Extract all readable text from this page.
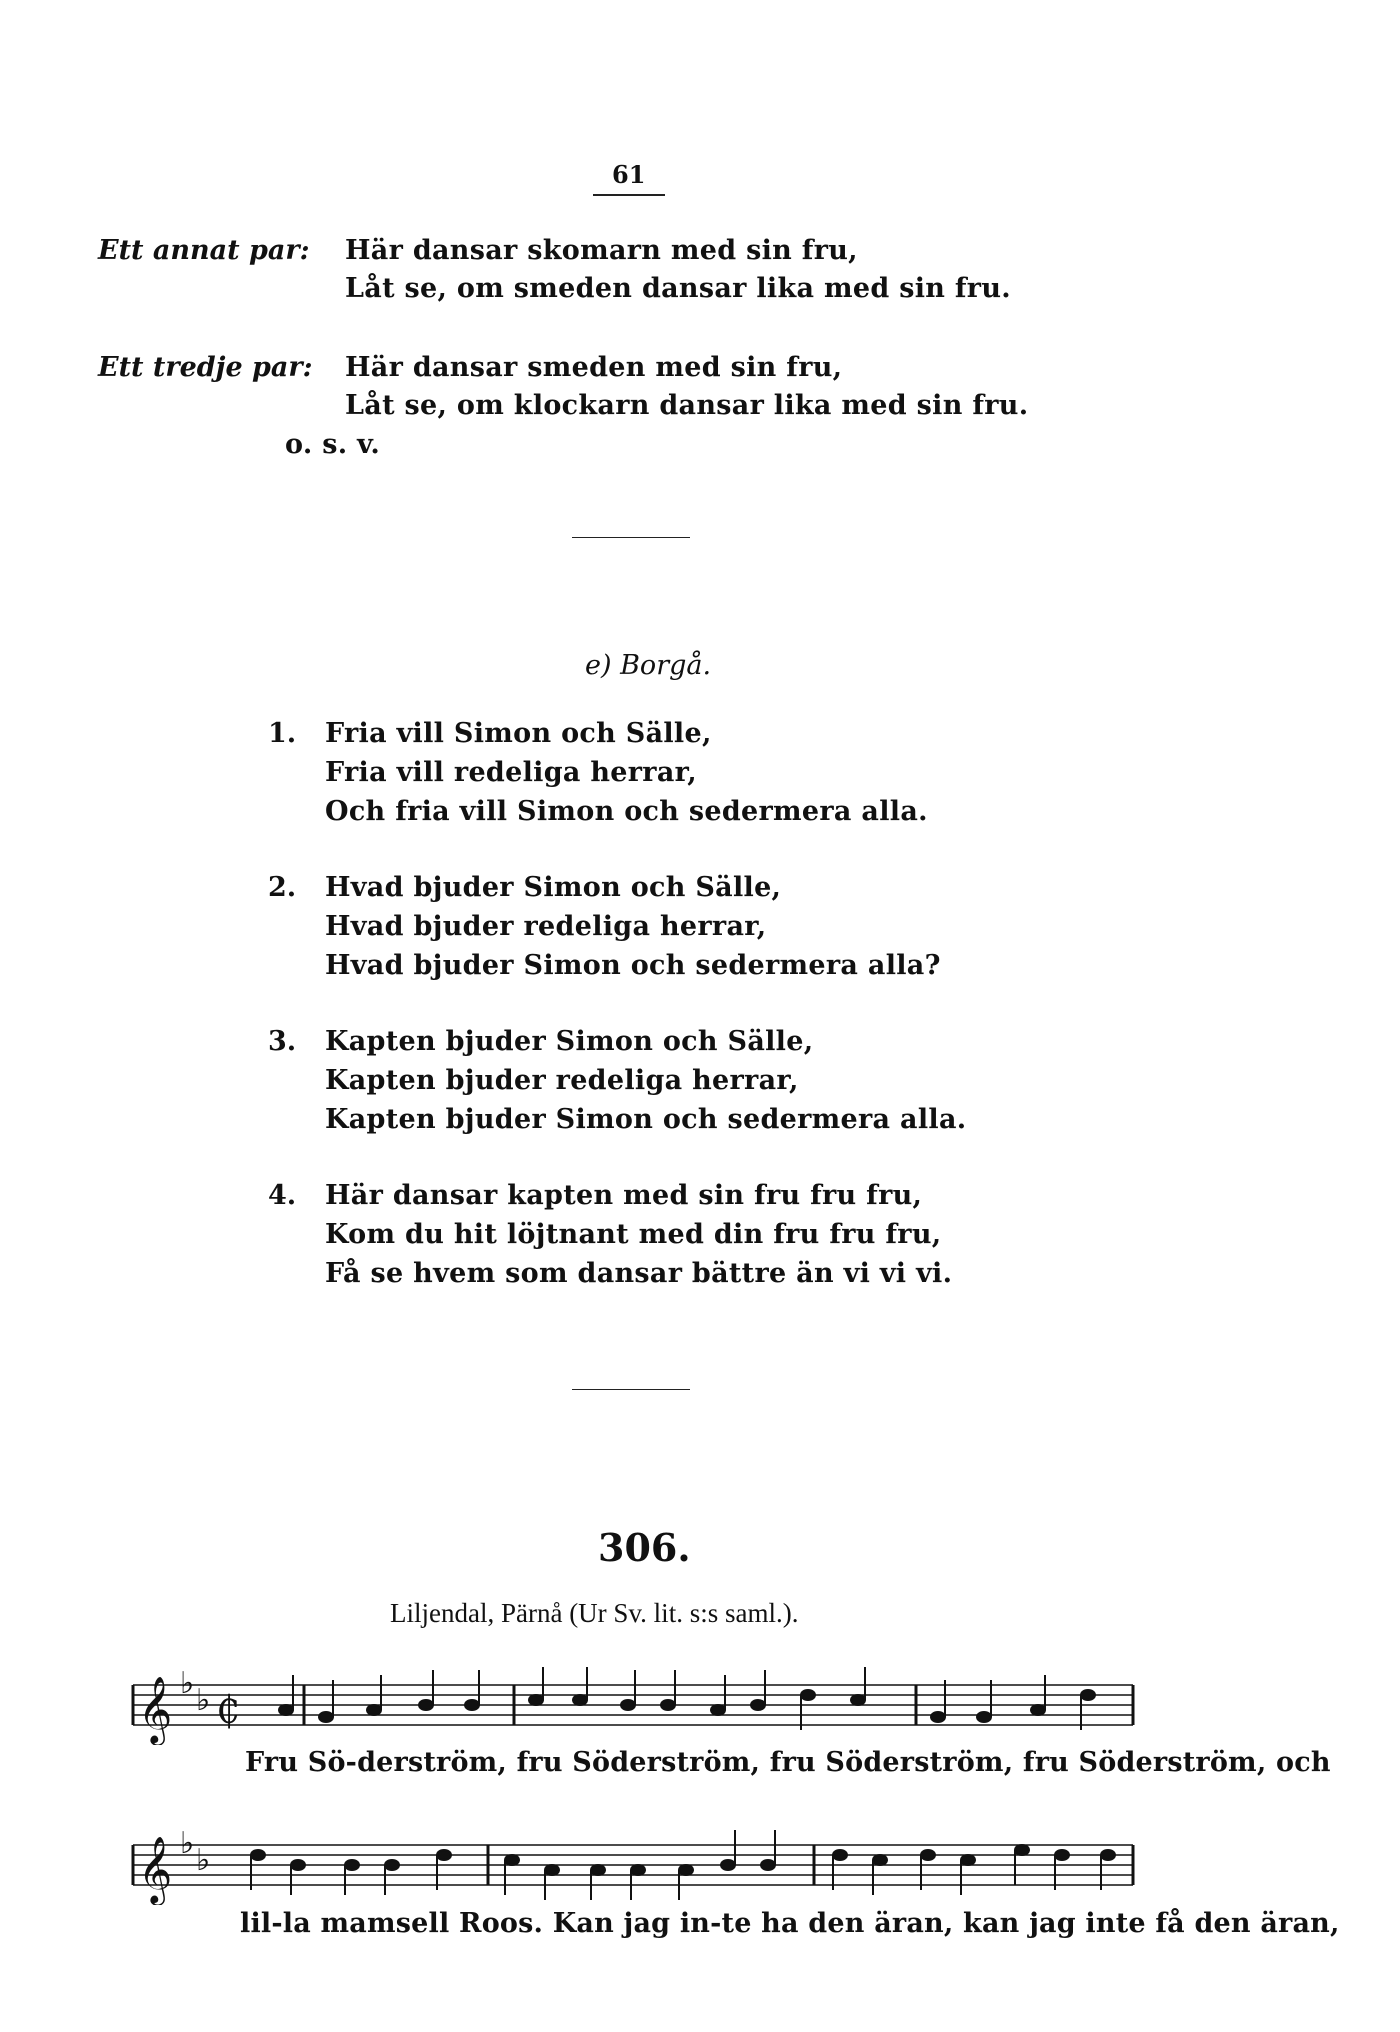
61
Ett annat par: Här dansar skomarn med sin fru,
Låt se, om smeden dansar lika med sin fru.
Ett tredje par: Här dansar smeden med sin fru,
Låt se, om klockarn dansar lika med sin fru.
o. s. v.
e) Borgå.
1. Fria vill Simon och Sälle,
Fria vill redeliga herrar,
Och fria vill Simon och sedermera alla.
2. Hvad bjuder Simon och Sälle,
Hvad bjuder redeliga herrar,
Hvad bjuder Simon och sedermera alla?
3. Kapten bjuder Simon och Sälle,
Kapten bjuder redeliga herrar,
Kapten bjuder Simon och sedermera alla.
4. Här dansar kapten med sin fru fru fru,
Kom du hit löjtnant med din fru fru fru,
Få se hvem som dansar bättre än vi vi vi.
306.
Liljendal, Pärnå (Ur Sv. lit. s:s saml.).
𝄞 ♭ ♭ ₵
Fru Sö-derström, fru Söderström, fru Söderström, fru Söderström, och
𝄞 ♭ ♭
lil-la mamsell Roos. Kan jag in-te ha den äran, kan jag inte få den äran,
